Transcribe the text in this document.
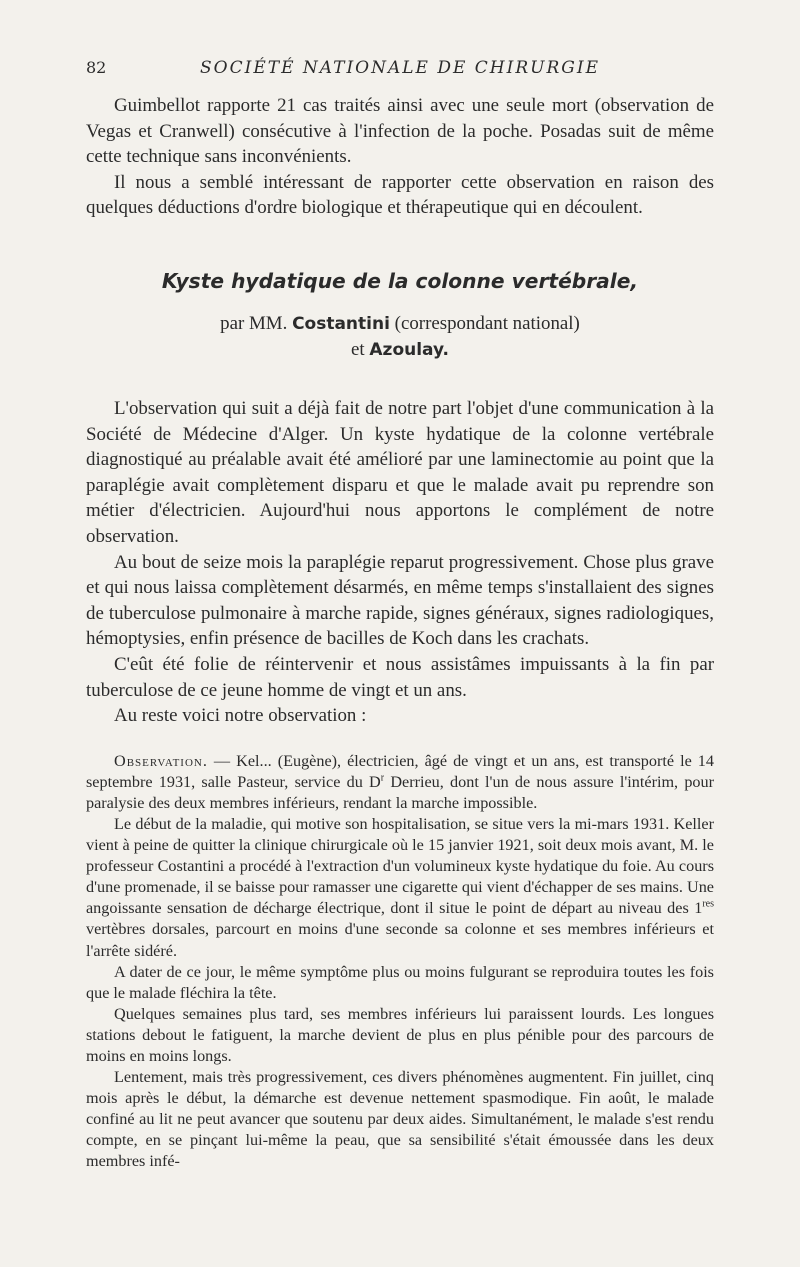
82	SOCIÉTÉ NATIONALE DE CHIRURGIE

Guimbellot rapporte 21 cas traités ainsi avec une seule mort (observation de Vegas et Cranwell) consécutive à l'infection de la poche. Posadas suit de même cette technique sans inconvénients.

Il nous a semblé intéressant de rapporter cette observation en raison des quelques déductions d'ordre biologique et thérapeutique qui en découlent.

Kyste hydatique de la colonne vertébrale,
par MM. Costantini (correspondant national)
et Azoulay.

L'observation qui suit a déjà fait de notre part l'objet d'une communication à la Société de Médecine d'Alger. Un kyste hydatique de la colonne vertébrale diagnostiqué au préalable avait été amélioré par une laminectomie au point que la paraplégie avait complètement disparu et que le malade avait pu reprendre son métier d'électricien. Aujourd'hui nous apportons le complément de notre observation.

Au bout de seize mois la paraplégie reparut progressivement. Chose plus grave et qui nous laissa complètement désarmés, en même temps s'installaient des signes de tuberculose pulmonaire à marche rapide, signes généraux, signes radiologiques, hémoptysies, enfin présence de bacilles de Koch dans les crachats.

C'eût été folie de réintervenir et nous assistâmes impuissants à la fin par tuberculose de ce jeune homme de vingt et un ans.

Au reste voici notre observation :

Observation. — Kel... (Eugène), électricien, âgé de vingt et un ans, est transporté le 14 septembre 1931, salle Pasteur, service du $D^r$ Derrieu, dont l'un de nous assure l'intérim, pour paralysie des deux membres inférieurs, rendant la marche impossible.

Le début de la maladie, qui motive son hospitalisation, se situe vers la mi-mars 1931. Keller vient à peine de quitter la clinique chirurgicale où le 15 janvier 1921, soit deux mois avant, M. le professeur Costantini a procédé à l'extraction d'un volumineux kyste hydatique du foie. Au cours d'une promenade, il se baisse pour ramasser une cigarette qui vient d'échapper de ses mains. Une angoissante sensation de décharge électrique, dont il situe le point de départ au niveau des 1res vertèbres dorsales, parcourt en moins d'une seconde sa colonne et ses membres inférieurs et l'arrête sidéré.

A dater de ce jour, le même symptôme plus ou moins fulgurant se reproduira toutes les fois que le malade fléchira la tête.

Quelques semaines plus tard, ses membres inférieurs lui paraissent lourds. Les longues stations debout le fatiguent, la marche devient de plus en plus pénible pour des parcours de moins en moins longs.

Lentement, mais très progressivement, ces divers phénomènes augmentent. Fin juillet, cinq mois après le début, la démarche est devenue nettement spasmodique. Fin août, le malade confiné au lit ne peut avancer que soutenu par deux aides. Simultanément, le malade s'est rendu compte, en se pinçant lui-même la peau, que sa sensibilité s'était émoussée dans les deux membres infé-
